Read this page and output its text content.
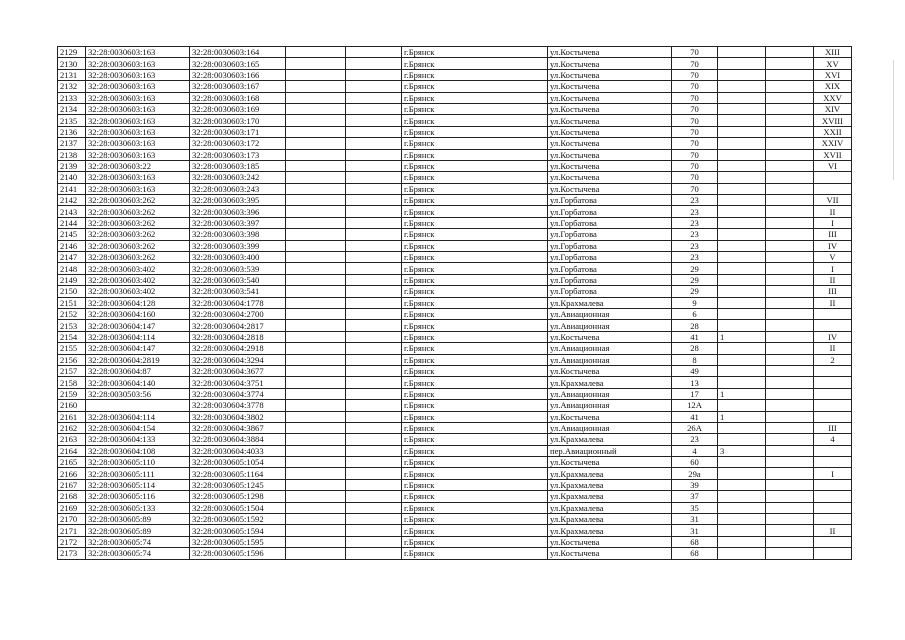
2129	32:28:0030603:163	32:28:0030603:164			г.Брянск	ул.Костычева	70			XIII
2130	32:28:0030603:163	32:28:0030603:165			г.Брянск	ул.Костычева	70			XV
2131	32:28:0030603:163	32:28:0030603:166			г.Брянск	ул.Костычева	70			XVI
2132	32:28:0030603:163	32:28:0030603:167			г.Брянск	ул.Костычева	70			XIX
2133	32:28:0030603:163	32:28:0030603:168			г.Брянск	ул.Костычева	70			XXV
2134	32:28:0030603:163	32:28:0030603:169			г.Брянск	ул.Костычева	70			XIV
2135	32:28:0030603:163	32:28:0030603:170			г.Брянск	ул.Костычева	70			XVIII
2136	32:28:0030603:163	32:28:0030603:171			г.Брянск	ул.Костычева	70			XXII
2137	32:28:0030603:163	32:28:0030603:172			г.Брянск	ул.Костычева	70			XXIV
2138	32:28:0030603:163	32:28:0030603:173			г.Брянск	ул.Костычева	70			XVII
2139	32:28:0030603:22	32:28:0030603:185			г.Брянск	ул.Костычева	70			VI
2140	32:28:0030603:163	32:28:0030603:242			г.Брянск	ул.Костычева	70			
2141	32:28:0030603:163	32:28:0030603:243			г.Брянск	ул.Костычева	70			
2142	32:28:0030603:262	32:28:0030603:395			г.Брянск	ул.Горбатова	23			VII
2143	32:28:0030603:262	32:28:0030603:396			г.Брянск	ул.Горбатова	23			II
2144	32:28:0030603:262	32:28:0030603:397			г.Брянск	ул.Горбатова	23			I
2145	32:28:0030603:262	32:28:0030603:398			г.Брянск	ул.Горбатова	23			III
2146	32:28:0030603:262	32:28:0030603:399			г.Брянск	ул.Горбатова	23			IV
2147	32:28:0030603:262	32:28:0030603:400			г.Брянск	ул.Горбатова	23			V
2148	32:28:0030603:402	32:28:0030603:539			г.Брянск	ул.Горбатова	29			I
2149	32:28:0030603:402	32:28:0030603:540			г.Брянск	ул.Горбатова	29			II
2150	32:28:0030603:402	32:28:0030603:541			г.Брянск	ул.Горбатова	29			III
2151	32:28:0030604:128	32:28:0030604:1778			г.Брянск	ул.Крахмалева	9			II
2152	32:28:0030604:160	32:28:0030604:2700			г.Брянск	ул.Авиационная	6			
2153	32:28:0030604:147	32:28:0030604:2817			г.Брянск	ул.Авиационная	28			
2154	32:28:0030604:114	32:28:0030604:2818			г.Брянск	ул.Костычева	41	1		IV
2155	32:28:0030604:147	32:28:0030604:2918			г.Брянск	ул.Авиационная	28			II
2156	32:28:0030604:2819	32:28:0030604:3294			г.Брянск	ул.Авиационная	8			2
2157	32:28:0030604:87	32:28:0030604:3677			г.Брянск	ул.Костычева	49			
2158	32:28:0030604:140	32:28:0030604:3751			г.Брянск	ул.Крахмалева	13			
2159	32:28:0030503:56	32:28:0030604:3774			г.Брянск	ул.Авиационная	17	1		
2160		32:28:0030604:3778			г.Брянск	ул.Авиационная	12А			
2161	32:28:0030604:114	32:28:0030604:3802			г.Брянск	ул.Костычева	41	1		
2162	32:28:0030604:154	32:28:0030604:3867			г.Брянск	ул.Авиационная	26А			III
2163	32:28:0030604:133	32:28:0030604:3884			г.Брянск	ул.Крахмалева	23			4
2164	32:28:0030604:108	32:28:0030604:4033			г.Брянск	пер.Авиационный	4	3		
2165	32:28:0030605:110	32:28:0030605:1054			г.Брянск	ул.Костычева	60			
2166	32:28:0030605:111	32:28:0030605:1164			г.Брянск	ул.Крахмалева	29а			I
2167	32:28:0030605:114	32:28:0030605:1245			г.Брянск	ул.Крахмалева	39			
2168	32:28:0030605:116	32:28:0030605:1298			г.Брянск	ул.Крахмалева	37			
2169	32:28:0030605:133	32:28:0030605:1504			г.Брянск	ул.Крахмалева	35			
2170	32:28:0030605:89	32:28:0030605:1592			г.Брянск	ул.Крахмалева	31			
2171	32:28:0030605:89	32:28:0030605:1594			г.Брянск	ул.Крахмалева	31			II
2172	32:28:0030605:74	32:28:0030605:1595			г.Брянск	ул.Костычева	68			
2173	32:28:0030605:74	32:28:0030605:1596			г.Брянск	ул.Костычева	68			
